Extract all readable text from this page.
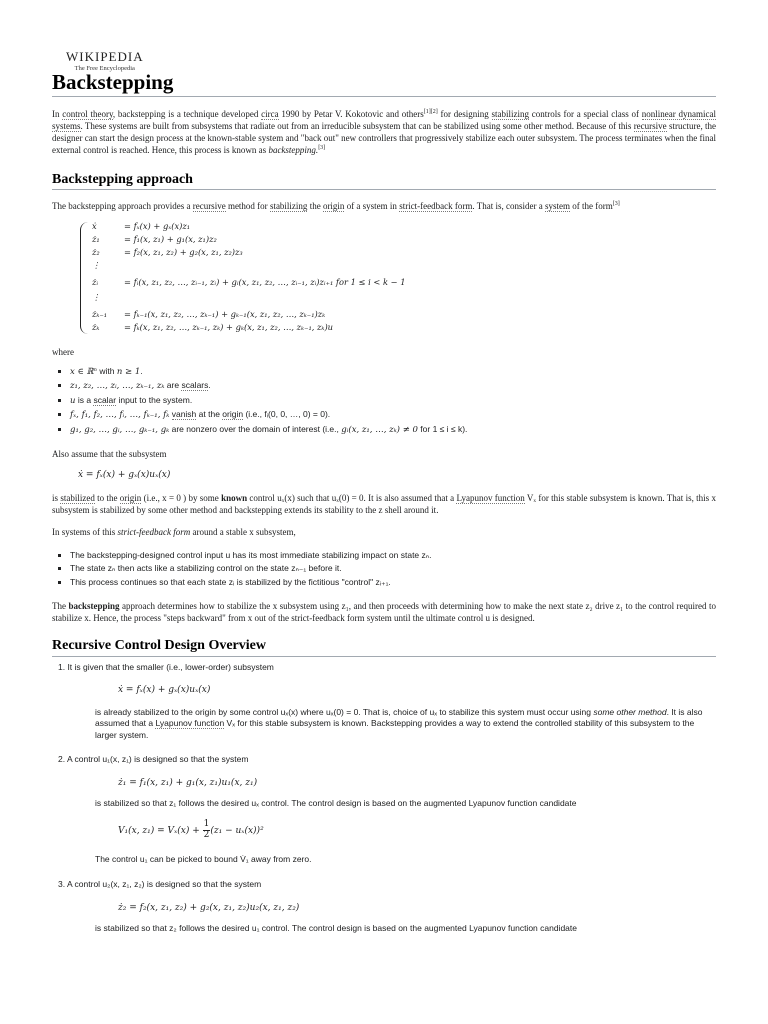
WIKIPEDIA
The Free Encyclopedia
Backstepping
In control theory, backstepping is a technique developed circa 1990 by Petar V. Kokotovic and others[1][2] for designing stabilizing controls for a special class of nonlinear dynamical systems. These systems are built from subsystems that radiate out from an irreducible subsystem that can be stabilized using some other method. Because of this recursive structure, the designer can start the design process at the known-stable system and "back out" new controllers that progressively stabilize each outer subsystem. The process terminates when the final external control is reached. Hence, this process is known as backstepping.[3]
Backstepping approach
The backstepping approach provides a recursive method for stabilizing the origin of a system in strict-feedback form. That is, consider a system of the form[3]
ẋ	= fₓ(x) + gₓ(x)z₁
ż₁	= f₁(x, z₁) + g₁(x, z₁)z₂
ż₂	= f₂(x, z₁, z₂) + g₂(x, z₁, z₂)z₃
⋮
żᵢ	= fᵢ(x, z₁, z₂, …, zᵢ₋₁, zᵢ) + gᵢ(x, z₁, z₂, …, zᵢ₋₁, zᵢ)zᵢ₊₁ for 1 ≤ i < k − 1
⋮
żₖ₋₁	= fₖ₋₁(x, z₁, z₂, …, zₖ₋₁) + gₖ₋₁(x, z₁, z₂, …, zₖ₋₁)zₖ
żₖ	= fₖ(x, z₁, z₂, …, zₖ₋₁, zₖ) + gₖ(x, z₁, z₂, …, zₖ₋₁, zₖ)u
where
▪ x ∈ ℝⁿ with n ≥ 1.
▪ z₁, z₂, …, zᵢ, …, zₖ₋₁, zₖ are scalars.
▪ u is a scalar input to the system.
▪ fₓ, f₁, f₂, …, fᵢ, …, fₖ₋₁, fₖ vanish at the origin (i.e., fᵢ(0, 0, …, 0) = 0).
▪ g₁, g₂, …, gᵢ, …, gₖ₋₁, gₖ are nonzero over the domain of interest (i.e., gᵢ(x, z₁, …, zₖ) ≠ 0 for 1 ≤ i ≤ k).
Also assume that the subsystem
ẋ = fₓ(x) + gₓ(x)uₓ(x)
is stabilized to the origin (i.e., x = 0 ) by some known control uₓ(x) such that uₓ(0) = 0. It is also assumed that a Lyapunov function Vₓ for this stable subsystem is known. That is, this x subsystem is stabilized by some other method and backstepping extends its stability to the z shell around it.
In systems of this strict-feedback form around a stable x subsystem,
▪ The backstepping-designed control input u has its most immediate stabilizing impact on state zₙ.
▪ The state zₙ then acts like a stabilizing control on the state zₙ₋₁ before it.
▪ This process continues so that each state zᵢ is stabilized by the fictitious "control" zᵢ₊₁.
The backstepping approach determines how to stabilize the x subsystem using z₁, and then proceeds with determining how to make the next state z₂ drive z₁ to the control required to stabilize x. Hence, the process "steps backward" from x out of the strict-feedback form system until the ultimate control u is designed.
Recursive Control Design Overview
1. It is given that the smaller (i.e., lower-order) subsystem
ẋ = fₓ(x) + gₓ(x)uₓ(x)
is already stabilized to the origin by some control uₓ(x) where uₓ(0) = 0. That is, choice of uₓ to stabilize this system must occur using some other method. It is also assumed that a Lyapunov function Vₓ for this stable subsystem is known. Backstepping provides a way to extend the controlled stability of this subsystem to the larger system.
2. A control u₁(x, z₁) is designed so that the system
ż₁ = f₁(x, z₁) + g₁(x, z₁)u₁(x, z₁)
is stabilized so that z₁ follows the desired uₓ control. The control design is based on the augmented Lyapunov function candidate
V₁(x, $z_1) = V_x(x) + \frac{1}{2} (z_1 - u_x(x))^2$
The control u₁ can be picked to bound V̇₁ away from zero.
3. A control u₂(x, z₁, z₂) is designed so that the system
ż₂ = f₂(x, z₁, z₂) + g₂(x, z₁, z₂)u₂(x, z₁, z₂)
is stabilized so that z₂ follows the desired u₁ control. The control design is based on the augmented Lyapunov function candidate
